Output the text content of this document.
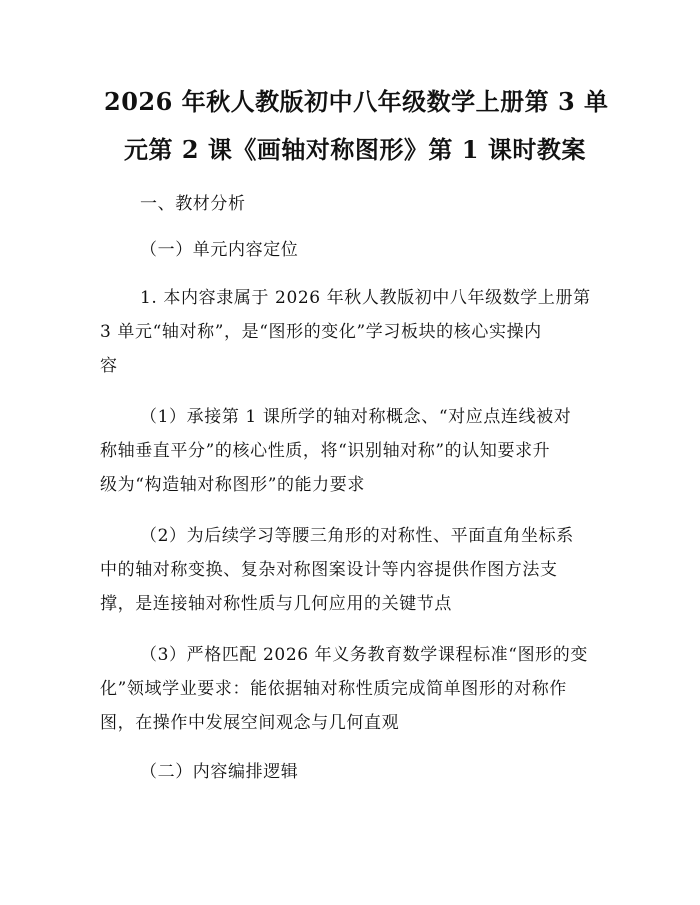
2026 年秋人教版初中八年级数学上册第 3 单
元第 2 课《画轴对称图形》第 1 课时教案

一、教材分析

（一）单元内容定位

1. 本内容隶属于 2026 年秋人教版初中八年级数学上册第

3 单元“轴对称”，是“图形的变化”学习板块的核心实操内

容

（1）承接第 1 课所学的轴对称概念、“对应点连线被对

称轴垂直平分”的核心性质，将“识别轴对称”的认知要求升

级为“构造轴对称图形”的能力要求

（2）为后续学习等腰三角形的对称性、平面直角坐标系

中的轴对称变换、复杂对称图案设计等内容提供作图方法支

撑，是连接轴对称性质与几何应用的关键节点

（3）严格匹配 2026 年义务教育数学课程标准“图形的变

化”领域学业要求：能依据轴对称性质完成简单图形的对称作

图，在操作中发展空间观念与几何直观

（二）内容编排逻辑
